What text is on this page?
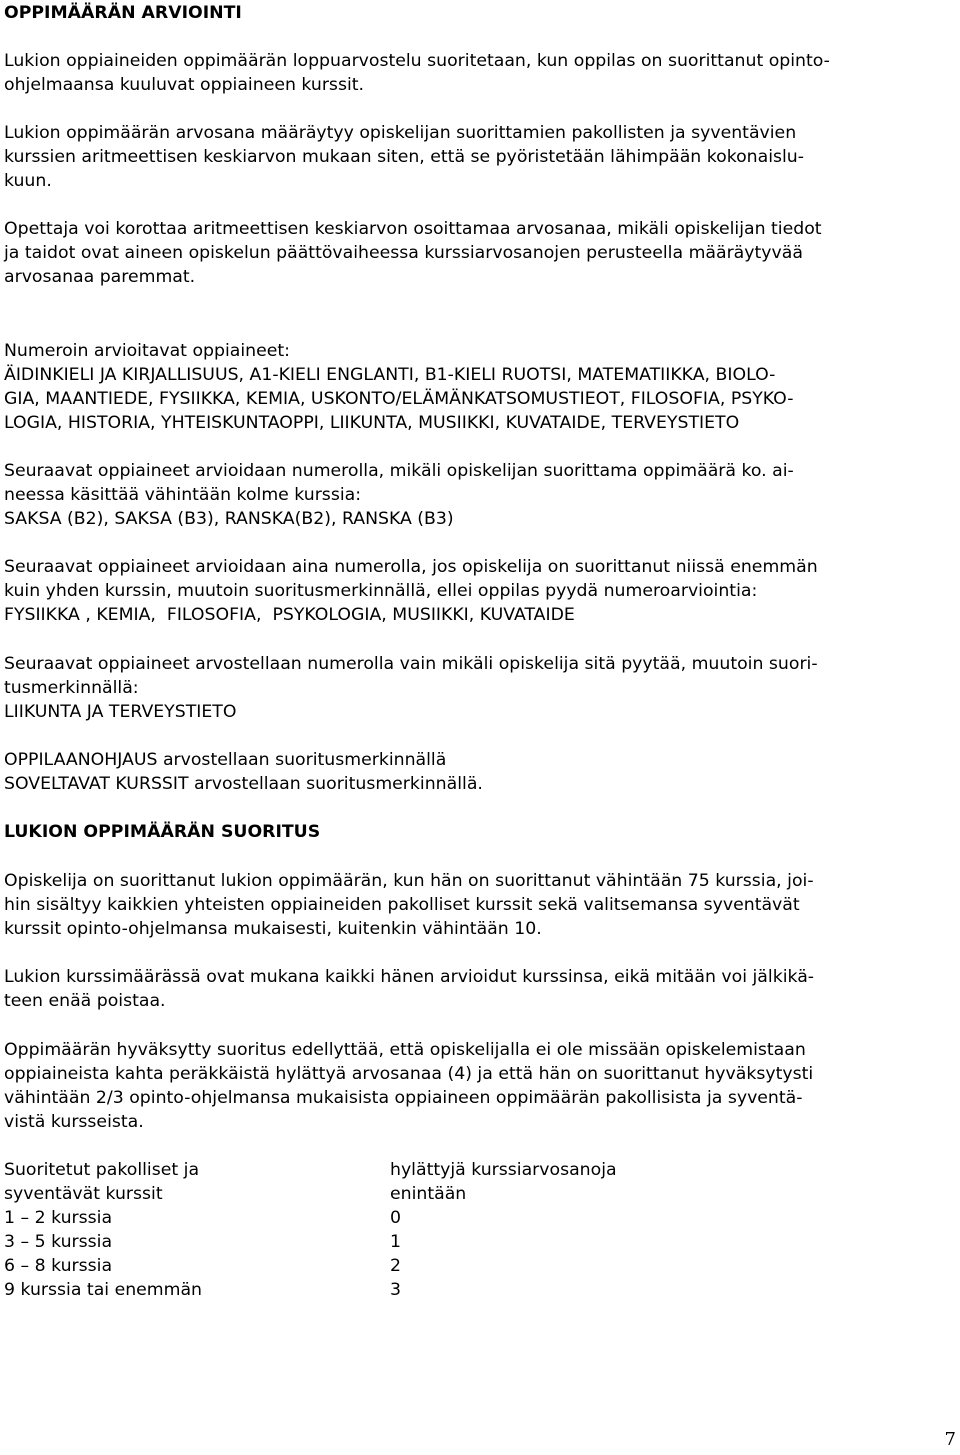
OPPIMÄÄRÄN ARVIOINTI
Lukion oppiaineiden oppimäärän loppuarvostelu suoritetaan, kun oppilas on suorittanut opinto-
ohjelmaansa kuuluvat oppiaineen kurssit.
Lukion oppimäärän arvosana määräytyy opiskelijan suorittamien pakollisten ja syventävien
kurssien aritmeettisen keskiarvon mukaan siten, että se pyöristetään lähimpään kokonaislu-
kuun.
Opettaja voi korottaa aritmeettisen keskiarvon osoittamaa arvosanaa, mikäli opiskelijan tiedot
ja taidot ovat aineen opiskelun päättövaiheessa kurssiarvosanojen perusteella määräytyvää
arvosanaa paremmat.
Numeroin arvioitavat oppiaineet:
ÄIDINKIELI JA KIRJALLISUUS, A1-KIELI ENGLANTI, B1-KIELI RUOTSI, MATEMATIIKKA, BIOLO-
GIA, MAANTIEDE, FYSIIKKA, KEMIA, USKONTO/ELÄMÄNKATSOMUSTIEOT, FILOSOFIA, PSYKO-
LOGIA, HISTORIA, YHTEISKUNTAOPPI, LIIKUNTA, MUSIIKKI, KUVATAIDE, TERVEYSTIETO
Seuraavat oppiaineet arvioidaan numerolla, mikäli opiskelijan suorittama oppimäärä ko. ai-
neessa käsittää vähintään kolme kurssia:
SAKSA (B2), SAKSA (B3), RANSKA(B2), RANSKA (B3)
Seuraavat oppiaineet arvioidaan aina numerolla, jos opiskelija on suorittanut niissä enemmän
kuin yhden kurssin, muutoin suoritusmerkinnällä, ellei oppilas pyydä numeroarviointia:
FYSIIKKA , KEMIA,  FILOSOFIA,  PSYKOLOGIA, MUSIIKKI, KUVATAIDE
Seuraavat oppiaineet arvostellaan numerolla vain mikäli opiskelija sitä pyytää, muutoin suori-
tusmerkinnällä:
LIIKUNTA JA TERVEYSTIETO
OPPILAANOHJAUS arvostellaan suoritusmerkinnällä
SOVELTAVAT KURSSIT arvostellaan suoritusmerkinnällä.
LUKION OPPIMÄÄRÄN SUORITUS
Opiskelija on suorittanut lukion oppimäärän, kun hän on suorittanut vähintään 75 kurssia, joi-
hin sisältyy kaikkien yhteisten oppiaineiden pakolliset kurssit sekä valitsemansa syventävät
kurssit opinto-ohjelmansa mukaisesti, kuitenkin vähintään 10.
Lukion kurssimäärässä ovat mukana kaikki hänen arvioidut kurssinsa, eikä mitään voi jälkikä-
teen enää poistaa.
Oppimäärän hyväksytty suoritus edellyttää, että opiskelijalla ei ole missään opiskelemistaan
oppiaineista kahta peräkkäistä hylättyä arvosanaa (4) ja että hän on suorittanut hyväksytysti
vähintään 2/3 opinto-ohjelmansa mukaisista oppiaineen oppimäärän pakollisista ja syventä-
vistä kursseista.
Suoritetut pakolliset ja	hylättyjä kurssiarvosanoja
syventävät kurssit	enintään
1 – 2 kurssia	0
3 – 5 kurssia	1
6 – 8 kurssia	2
9 kurssia tai enemmän	3
7
